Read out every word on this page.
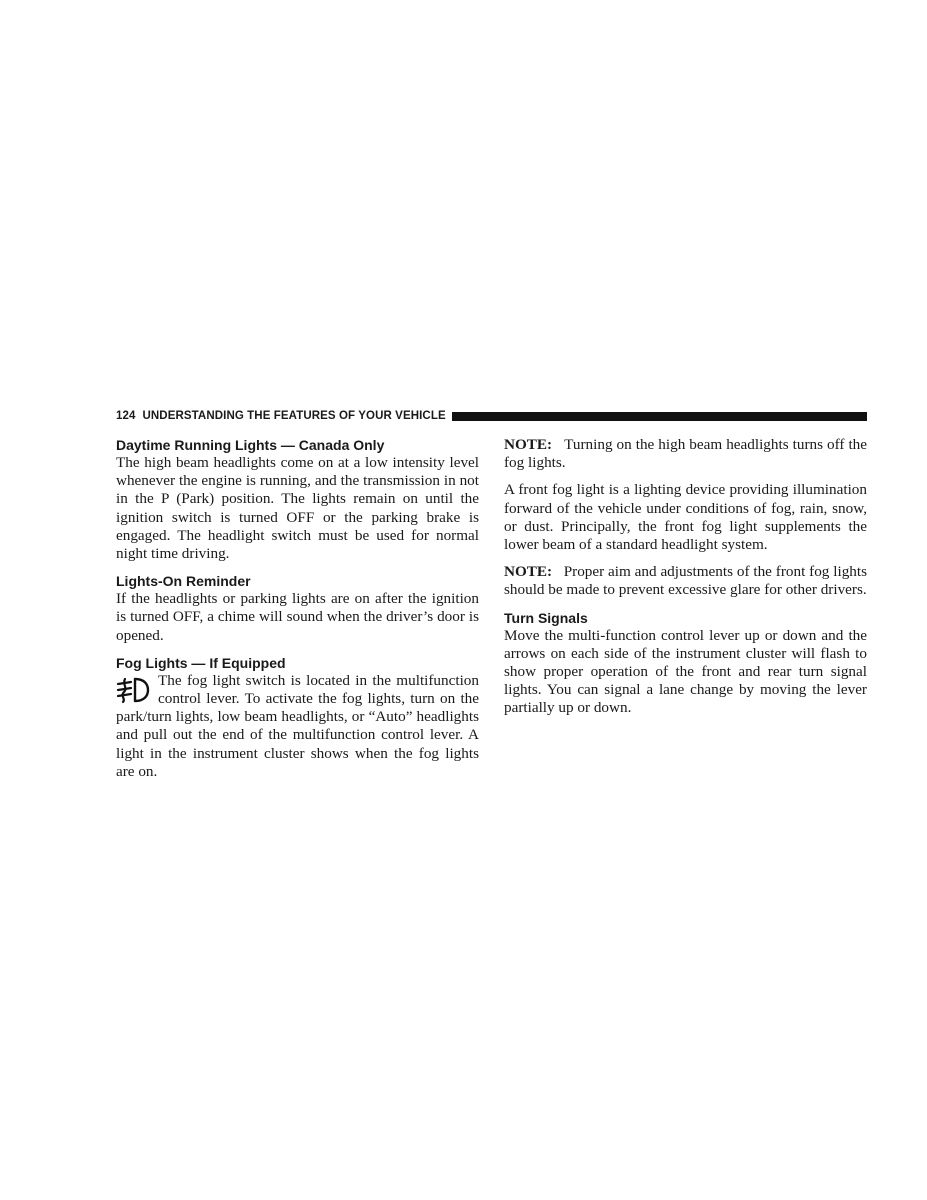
124 UNDERSTANDING THE FEATURES OF YOUR VEHICLE
Daytime Running Lights — Canada Only

The high beam headlights come on at a low intensity level whenever the engine is running, and the transmission in not in the P (Park) position. The lights remain on until the ignition switch is turned OFF or the parking brake is engaged. The headlight switch must be used for normal night time driving.

Lights-On Reminder

If the headlights or parking lights are on after the ignition is turned OFF, a chime will sound when the driver’s door is opened.

Fog Lights — If Equipped

The fog light switch is located in the multifunction control lever. To activate the fog lights, turn on the park/turn lights, low beam headlights, or “Auto” headlights and pull out the end of the multifunction control lever. A light in the instrument cluster shows when the fog lights are on.

NOTE: Turning on the high beam headlights turns off the fog lights.

A front fog light is a lighting device providing illumination forward of the vehicle under conditions of fog, rain, snow, or dust. Principally, the front fog light supplements the lower beam of a standard headlight system.

NOTE: Proper aim and adjustments of the front fog lights should be made to prevent excessive glare for other drivers.

Turn Signals

Move the multi-function control lever up or down and the arrows on each side of the instrument cluster will flash to show proper operation of the front and rear turn signal lights. You can signal a lane change by moving the lever partially up or down.
